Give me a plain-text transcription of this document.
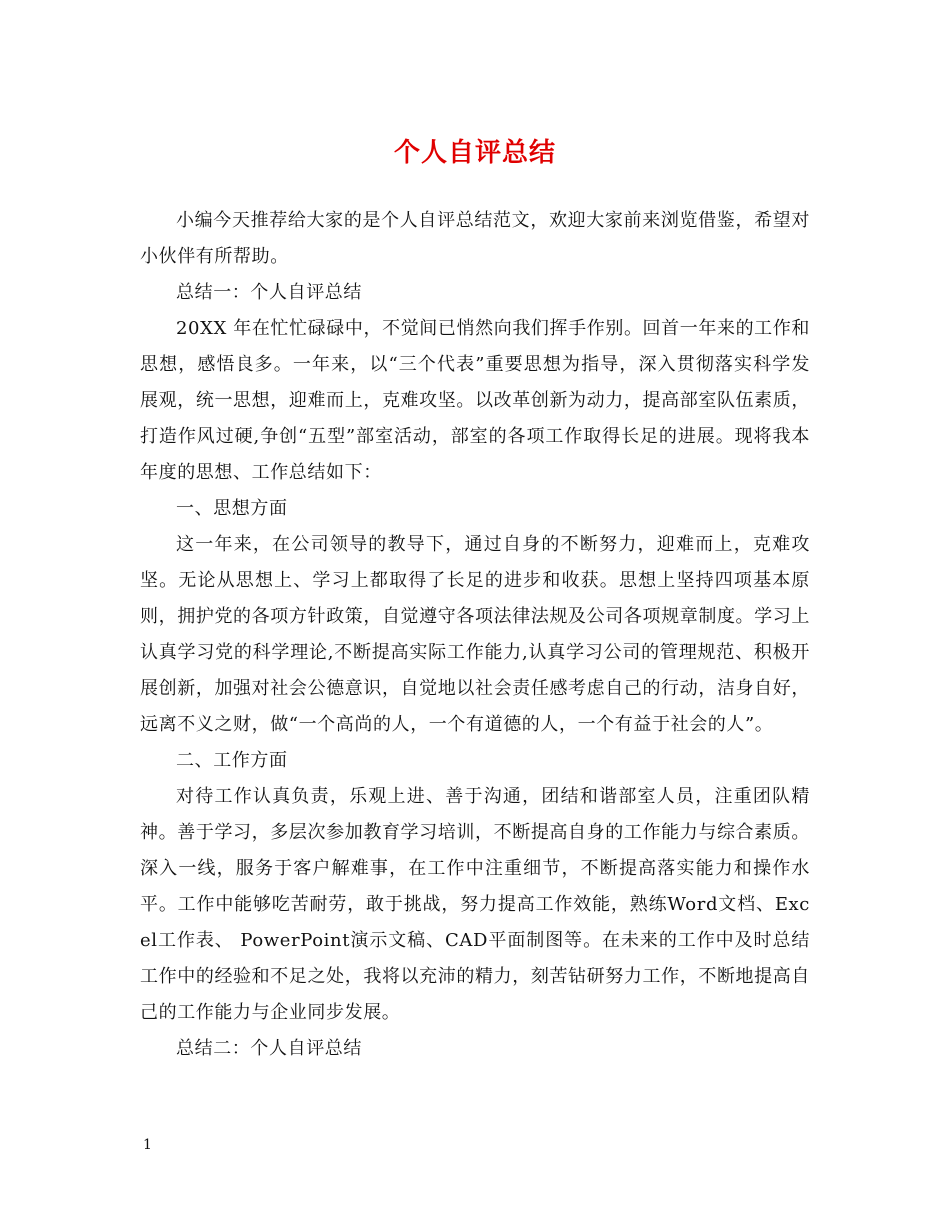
个人自评总结

小编今天推荐给大家的是个人自评总结范文，欢迎大家前来浏览借鉴，希望对小伙伴有所帮助。

总结一：个人自评总结

20XX 年在忙忙碌碌中，不觉间已悄然向我们挥手作别。回首一年来的工作和思想，感悟良多。一年来，以“三个代表”重要思想为指导，深入贯彻落实科学发展观，统一思想，迎难而上，克难攻坚。以改革创新为动力，提高部室队伍素质，打造作风过硬,争创“五型”部室活动，部室的各项工作取得长足的进展。现将我本年度的思想、工作总结如下：

一、思想方面

这一年来，在公司领导的教导下，通过自身的不断努力，迎难而上，克难攻坚。无论从思想上、学习上都取得了长足的进步和收获。思想上坚持四项基本原则，拥护党的各项方针政策，自觉遵守各项法律法规及公司各项规章制度。学习上认真学习党的科学理论,不断提高实际工作能力,认真学习公司的管理规范、积极开展创新，加强对社会公德意识，自觉地以社会责任感考虑自己的行动，洁身自好，远离不义之财，做“一个高尚的人，一个有道德的人，一个有益于社会的人”。

二、工作方面

对待工作认真负责，乐观上进、善于沟通，团结和谐部室人员，注重团队精神。善于学习，多层次参加教育学习培训，不断提高自身的工作能力与综合素质。深入一线，服务于客户解难事，在工作中注重细节，不断提高落实能力和操作水平。工作中能够吃苦耐劳，敢于挑战，努力提高工作效能，熟练Word文档、Excel工作表、 PowerPoint演示文稿、CAD平面制图等。在未来的工作中及时总结工作中的经验和不足之处，我将以充沛的精力，刻苦钻研努力工作，不断地提高自己的工作能力与企业同步发展。

总结二：个人自评总结

1
